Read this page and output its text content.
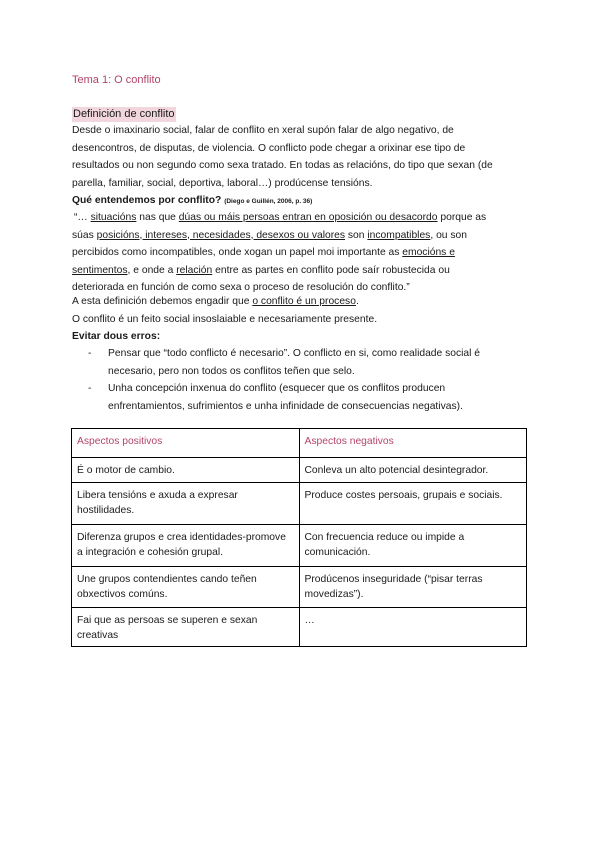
Tema 1: O conflito
Definición de conflito
Desde o imaxinario social, falar de conflito en xeral supón falar de algo negativo, de
desencontros, de disputas, de violencia. O conflicto pode chegar a orixinar ese tipo de
resultados ou non segundo como sexa tratado. En todas as relacións, do tipo que sexan (de
parella, familiar, social, deportiva, laboral…) prodúcense tensións.
Qué entendemos por conflito? (Diego e Guillén, 2006, p. 36)
“… situacións nas que dúas ou máis persoas entran en oposición ou desacordo porque as
súas posicións, intereses, necesidades, desexos ou valores son incompatibles, ou son
percibidos como incompatibles, onde xogan un papel moi importante as emocións e
sentimentos, e onde a relación entre as partes en conflito pode saír robustecida ou
deteriorada en función de como sexa o proceso de resolución do conflito.”
A esta definición debemos engadir que o conflito é un proceso.
O conflito é un feito social insoslaiable e necesariamente presente.
Evitar dous erros:
- Pensar que “todo conflicto é necesario”. O conflicto en si, como realidade social é
necesario, pero non todos os conflitos teñen que selo.
- Unha concepción inxenua do conflito (esquecer que os conflitos producen
enfrentamientos, sufrimientos e unha infinidade de consecuencias negativas).
Aspectos positivos	Aspectos negativos
É o motor de cambio.	Conleva un alto potencial desintegrador.
Libera tensións e axuda a expresar hostilidades.	Produce costes persoais, grupais e sociais.
Diferenza grupos e crea identidades-promove a integración e cohesión grupal.	Con frecuencia reduce ou impide a comunicación.
Une grupos contendientes cando teñen obxectivos comúns.	Prodúcenos inseguridade (“pisar terras movedizas”).
Fai que as persoas se superen e sexan creativas	…
